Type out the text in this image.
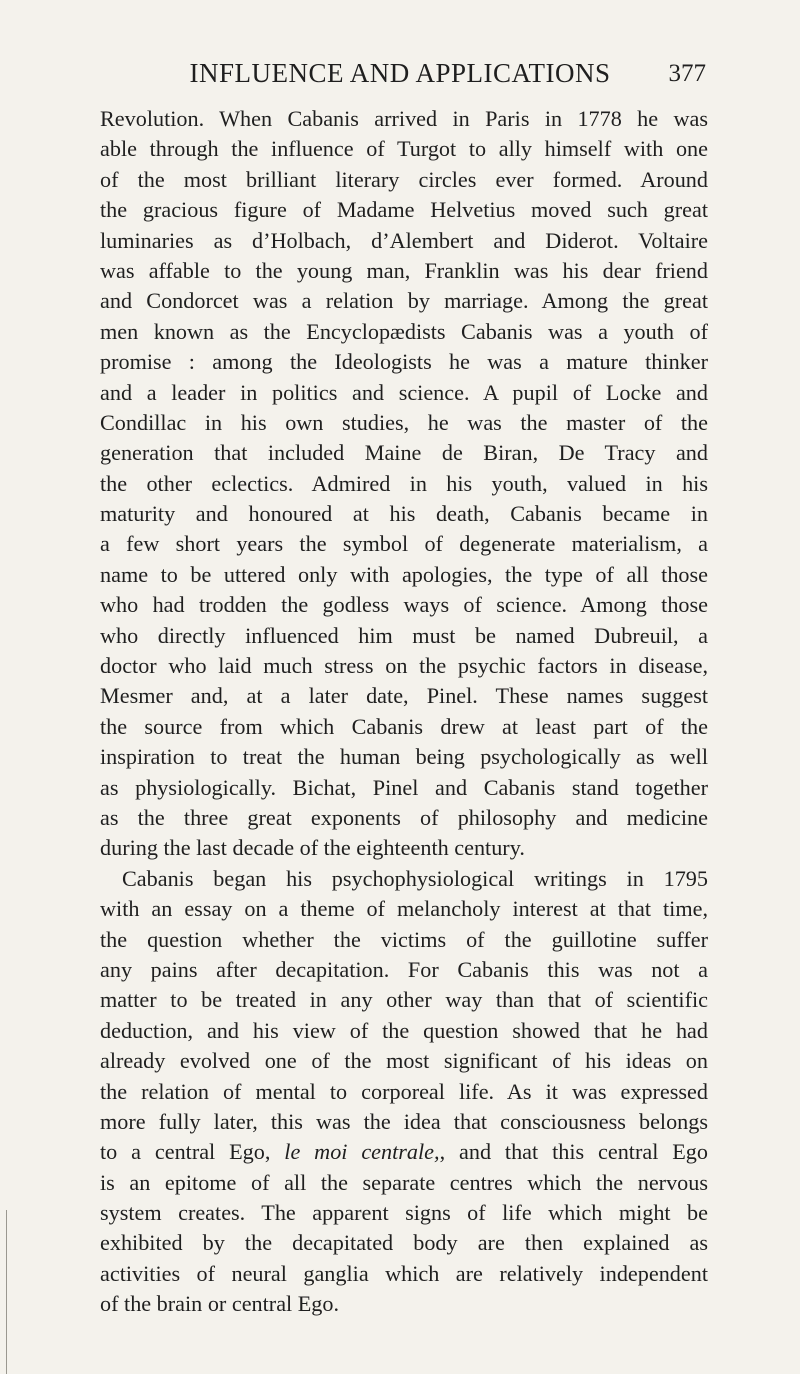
INFLUENCE AND APPLICATIONS	377
Revolution. When Cabanis arrived in Paris in 1778 he was
able through the influence of Turgot to ally himself with one
of the most brilliant literary circles ever formed. Around
the gracious figure of Madame Helvetius moved such great
luminaries as d’Holbach, d’Alembert and Diderot. Voltaire
was affable to the young man, Franklin was his dear friend
and Condorcet was a relation by marriage. Among the great
men known as the Encyclopædists Cabanis was a youth of
promise : among the Ideologists he was a mature thinker
and a leader in politics and science. A pupil of Locke and
Condillac in his own studies, he was the master of the
generation that included Maine de Biran, De Tracy and
the other eclectics. Admired in his youth, valued in his
maturity and honoured at his death, Cabanis became in
a few short years the symbol of degenerate materialism, a
name to be uttered only with apologies, the type of all those
who had trodden the godless ways of science. Among those
who directly influenced him must be named Dubreuil, a
doctor who laid much stress on the psychic factors in disease,
Mesmer and, at a later date, Pinel. These names suggest
the source from which Cabanis drew at least part of the
inspiration to treat the human being psychologically as well
as physiologically. Bichat, Pinel and Cabanis stand together
as the three great exponents of philosophy and medicine
during the last decade of the eighteenth century.
Cabanis began his psychophysiological writings in 1795
with an essay on a theme of melancholy interest at that time,
the question whether the victims of the guillotine suffer
any pains after decapitation. For Cabanis this was not a
matter to be treated in any other way than that of scientific
deduction, and his view of the question showed that he had
already evolved one of the most significant of his ideas on
the relation of mental to corporeal life. As it was expressed
more fully later, this was the idea that consciousness belongs
to a central Ego, le moi centrale,, and that this central Ego
is an epitome of all the separate centres which the nervous
system creates. The apparent signs of life which might be
exhibited by the decapitated body are then explained as
activities of neural ganglia which are relatively independent
of the brain or central Ego.
